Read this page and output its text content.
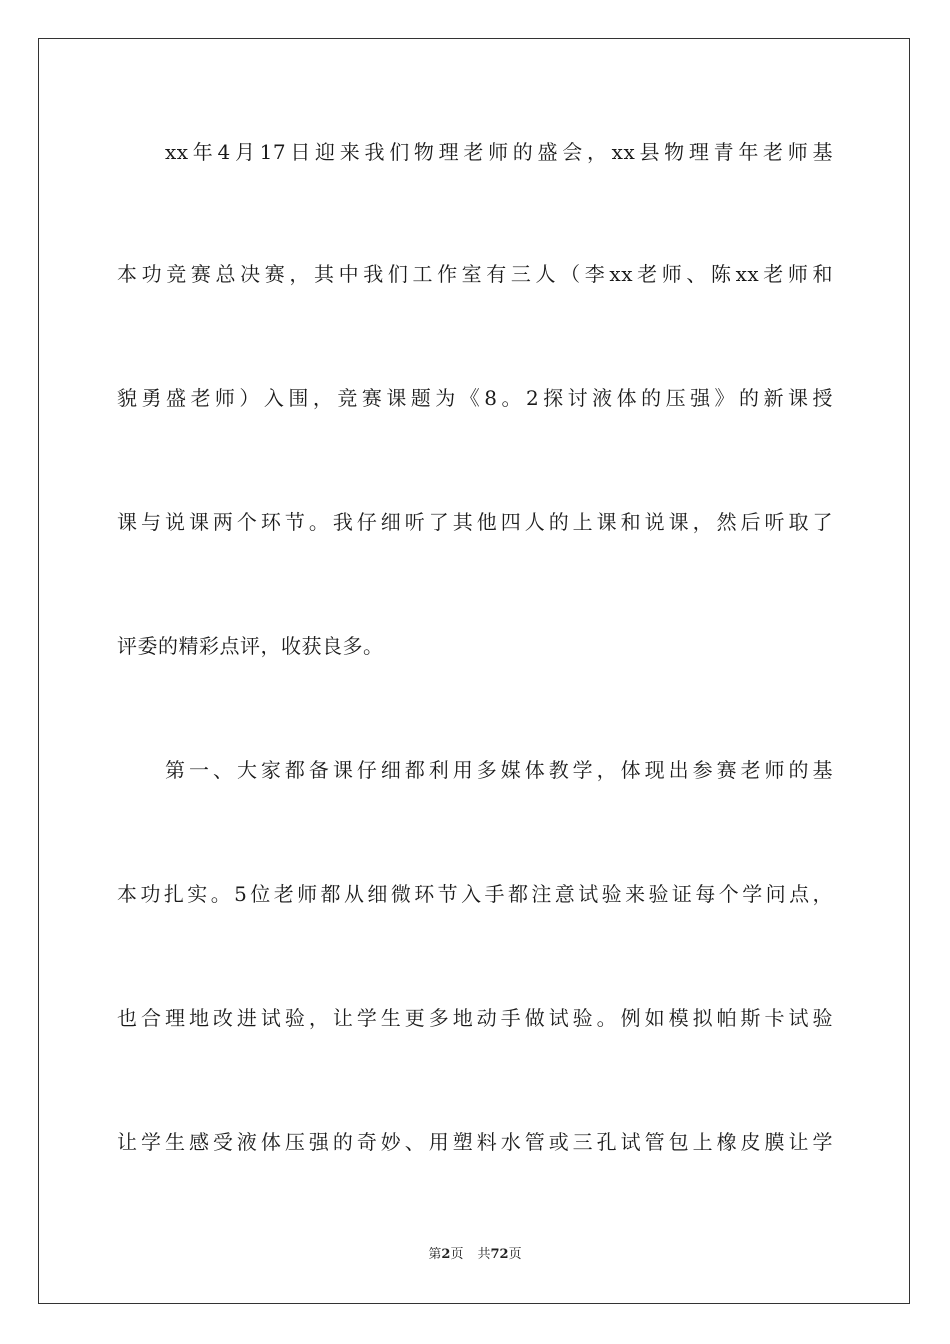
xx年4月17日迎来我们物理老师的盛会，xx县物理青年老师基
本功竞赛总决赛，其中我们工作室有三人（李xx老师、陈xx老师和
貌勇盛老师）入围，竞赛课题为《8。2探讨液体的压强》的新课授
课与说课两个环节。我仔细听了其他四人的上课和说课，然后听取了
评委的精彩点评，收获良多。
第一、大家都备课仔细都利用多媒体教学，体现出参赛老师的基
本功扎实。5位老师都从细微环节入手都注意试验来验证每个学问点，
也合理地改进试验，让学生更多地动手做试验。例如模拟帕斯卡试验
让学生感受液体压强的奇妙、用塑料水管或三孔试管包上橡皮膜让学
第2页 共72页
